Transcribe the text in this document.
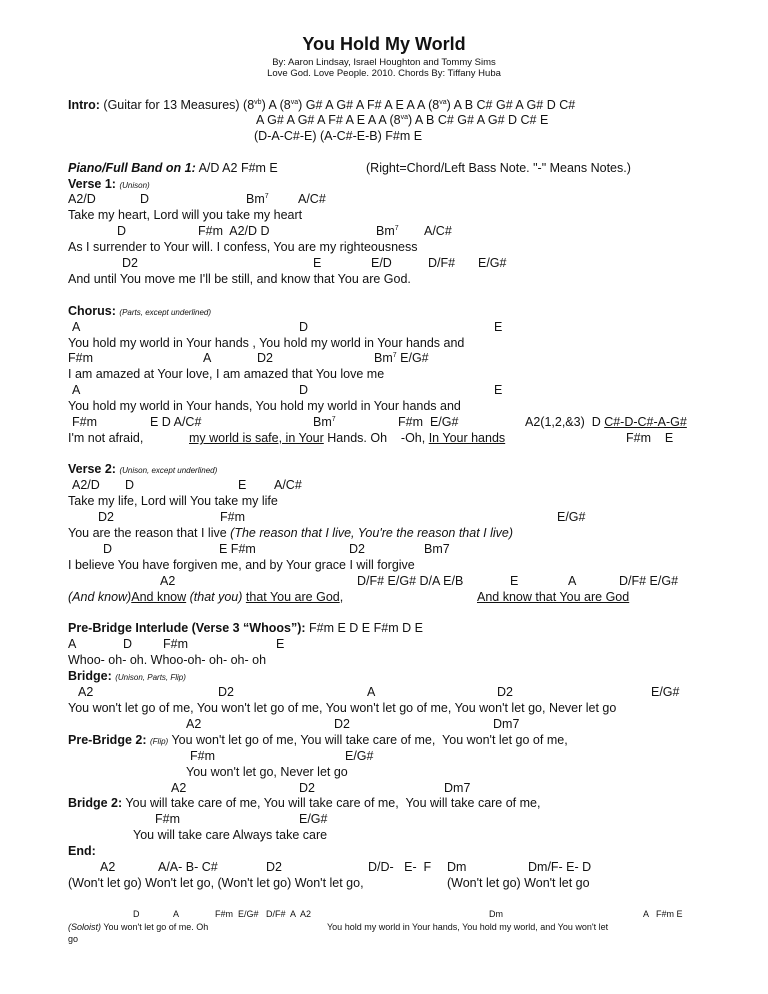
You Hold My World
By: Aaron Lindsay, Israel Houghton and Tommy Sims
Love God. Love People. 2010. Chords By: Tiffany Huba
Intro: (Guitar for 13 Measures) $(8^{vb})$ A $(8^{va})$ G# A G# A F# A E A A $(8^{va})$ A B C# G# A G# D C#
A G# A G# A F# A E A A $(8^{va})$ A B C# G# A G# D C# E
(D-A-C#-E) (A-C#-E-B) F#m E
Piano/Full Band on 1: A/D A2 F#m E	(Right=Chord/Left Bass Note. "-" Means Notes.)
Verse 1: (Unison)
A2/D	D	Bm$^7$ A/C#
Take my heart, Lord will you take my heart
D	F#m  A2/D D	Bm$^7$ A/C#
As I surrender to Your will. I confess, You are my righteousness
D2	E	E/D	D/F# E/G#
And until You move me I'll be still, and know that You are God.
Chorus: (Parts, except underlined)
A	D	E
You hold my world in Your hands , You hold my world in Your hands and
F#m	A	D2	Bm$^7$ E/G#
I am amazed at Your love, I am amazed that You love me
A	D	E
You hold my world in Your hands, You hold my world in Your hands and
F#m	E D A/C#	Bm$^7$	F#m  E/G#	A2(1,2,&3)  D C#-D-C#-A-G#
I'm not afraid,	my world is safe, in Your Hands. Oh    -Oh, In Your hands	F#m    E
Verse 2: (Unison, except underlined)
A2/D D	E A/C#
Take my life, Lord will You take my life
D2	F#m	E/G#
You are the reason that I live (The reason that I live, You're the reason that I live)
D	E F#m	D2	Bm7
I believe You have forgiven me, and by Your grace I will forgive
A2	D/F# E/G# D/A E/B	E	A	D/F# E/G#
(And know)And know (that you) that You are God,	And know that You are God
Pre-Bridge Interlude (Verse 3 “Whoos”): F#m E D E F#m D E
A	D F#m	E
Whoo- oh- oh. Whoo-oh- oh- oh- oh
Bridge: (Unison, Parts, Flip)
A2	D2	A	D2	E/G#
You won't let go of me, You won't let go of me, You won't let go of me, You won't let go, Never let go
A2	D2	Dm7
Pre-Bridge 2: (Flip) You won't let go of me, You will take care of me,  You won't let go of me,
F#m	E/G#
You won't let go, Never let go
A2	D2	Dm7
Bridge 2: You will take care of me, You will take care of me,  You will take care of me,
F#m	E/G#
You will take care Always take care
End:
A2	A/A- B- C#	D2	D/D-   E-  F Dm	Dm/F- E- D
(Won't let go) Won't let go, (Won't let go) Won't let go,	(Won't let go) Won't let go
D	A	F#m  E/G#   D/F#  A  A2	Dm	A   F#m E
(Soloist) You won't let go of me. Oh	You hold my world in Your hands, You hold my world, and You won't let
go
